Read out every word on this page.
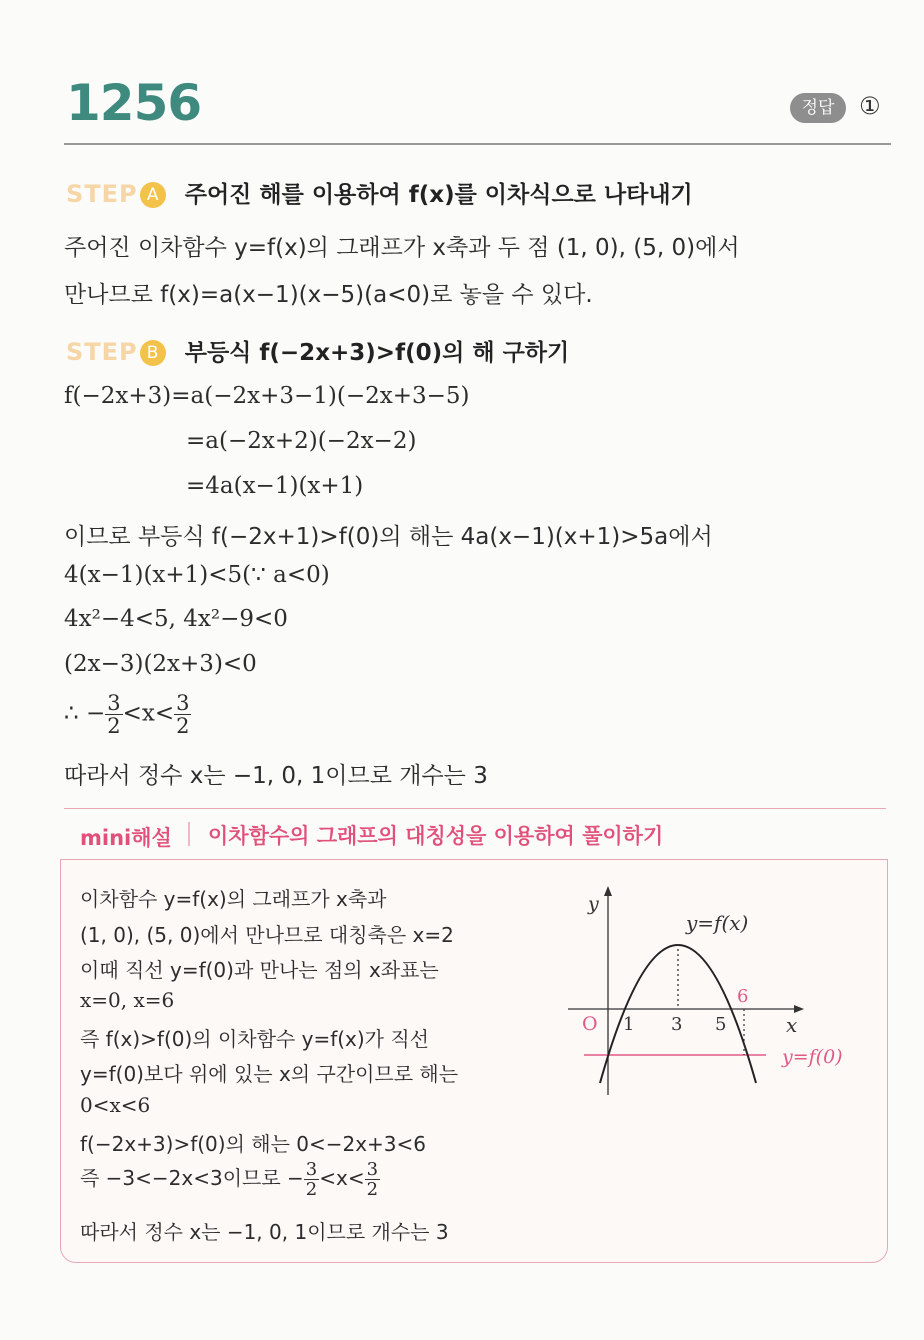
1256	정답	①
STEP A 주어진 해를 이용하여 f(x)를 이차식으로 나타내기
주어진 이차함수 y=f(x)의 그래프가 x축과 두 점 (1, 0), (5, 0)에서
만나므로 f(x)=a(x−1)(x−5)(a<0)로 놓을 수 있다.
STEP B 부등식 f(−2x+3)>f(0)의 해 구하기
f(−2x+3)=a(−2x+3−1)(−2x+3−5)
=a(−2x+2)(−2x−2)
=4a(x−1)(x+1)
이므로 부등식 f(−2x+1)>f(0)의 해는 4a(x−1)(x+1)>5a에서
4(x−1)(x+1)<5(∵ a<0)
4x²−4<5, 4x²−9<0
(2x−3)(2x+3)<0
∴ − $\frac{3}{2} <x< \frac{3}{2}$
따라서 정수 x는 −1, 0, 1이므로 개수는 3
mini해설 이차함수의 그래프의 대칭성을 이용하여 풀이하기
이차함수 y=f(x)의 그래프가 x축과
(1, 0), (5, 0)에서 만나므로 대칭축은 x=2
이때 직선 y=f(0)과 만나는 점의 x좌표는
x=0, x=6
즉 f(x)>f(0)의 이차함수 y=f(x)가 직선
y=f(0)보다 위에 있는 x의 구간이므로 해는
0<x<6
f(−2x+3)>f(0)의 해는 0<−2x+3<6
즉 −3<−2x<3이므로 − $\frac{3}{2} <x< \frac{3}{2}$
따라서 정수 x는 −1, 0, 1이므로 개수는 3
y
x
O 1 3 5
6
y=f(x)
y=f(0)
